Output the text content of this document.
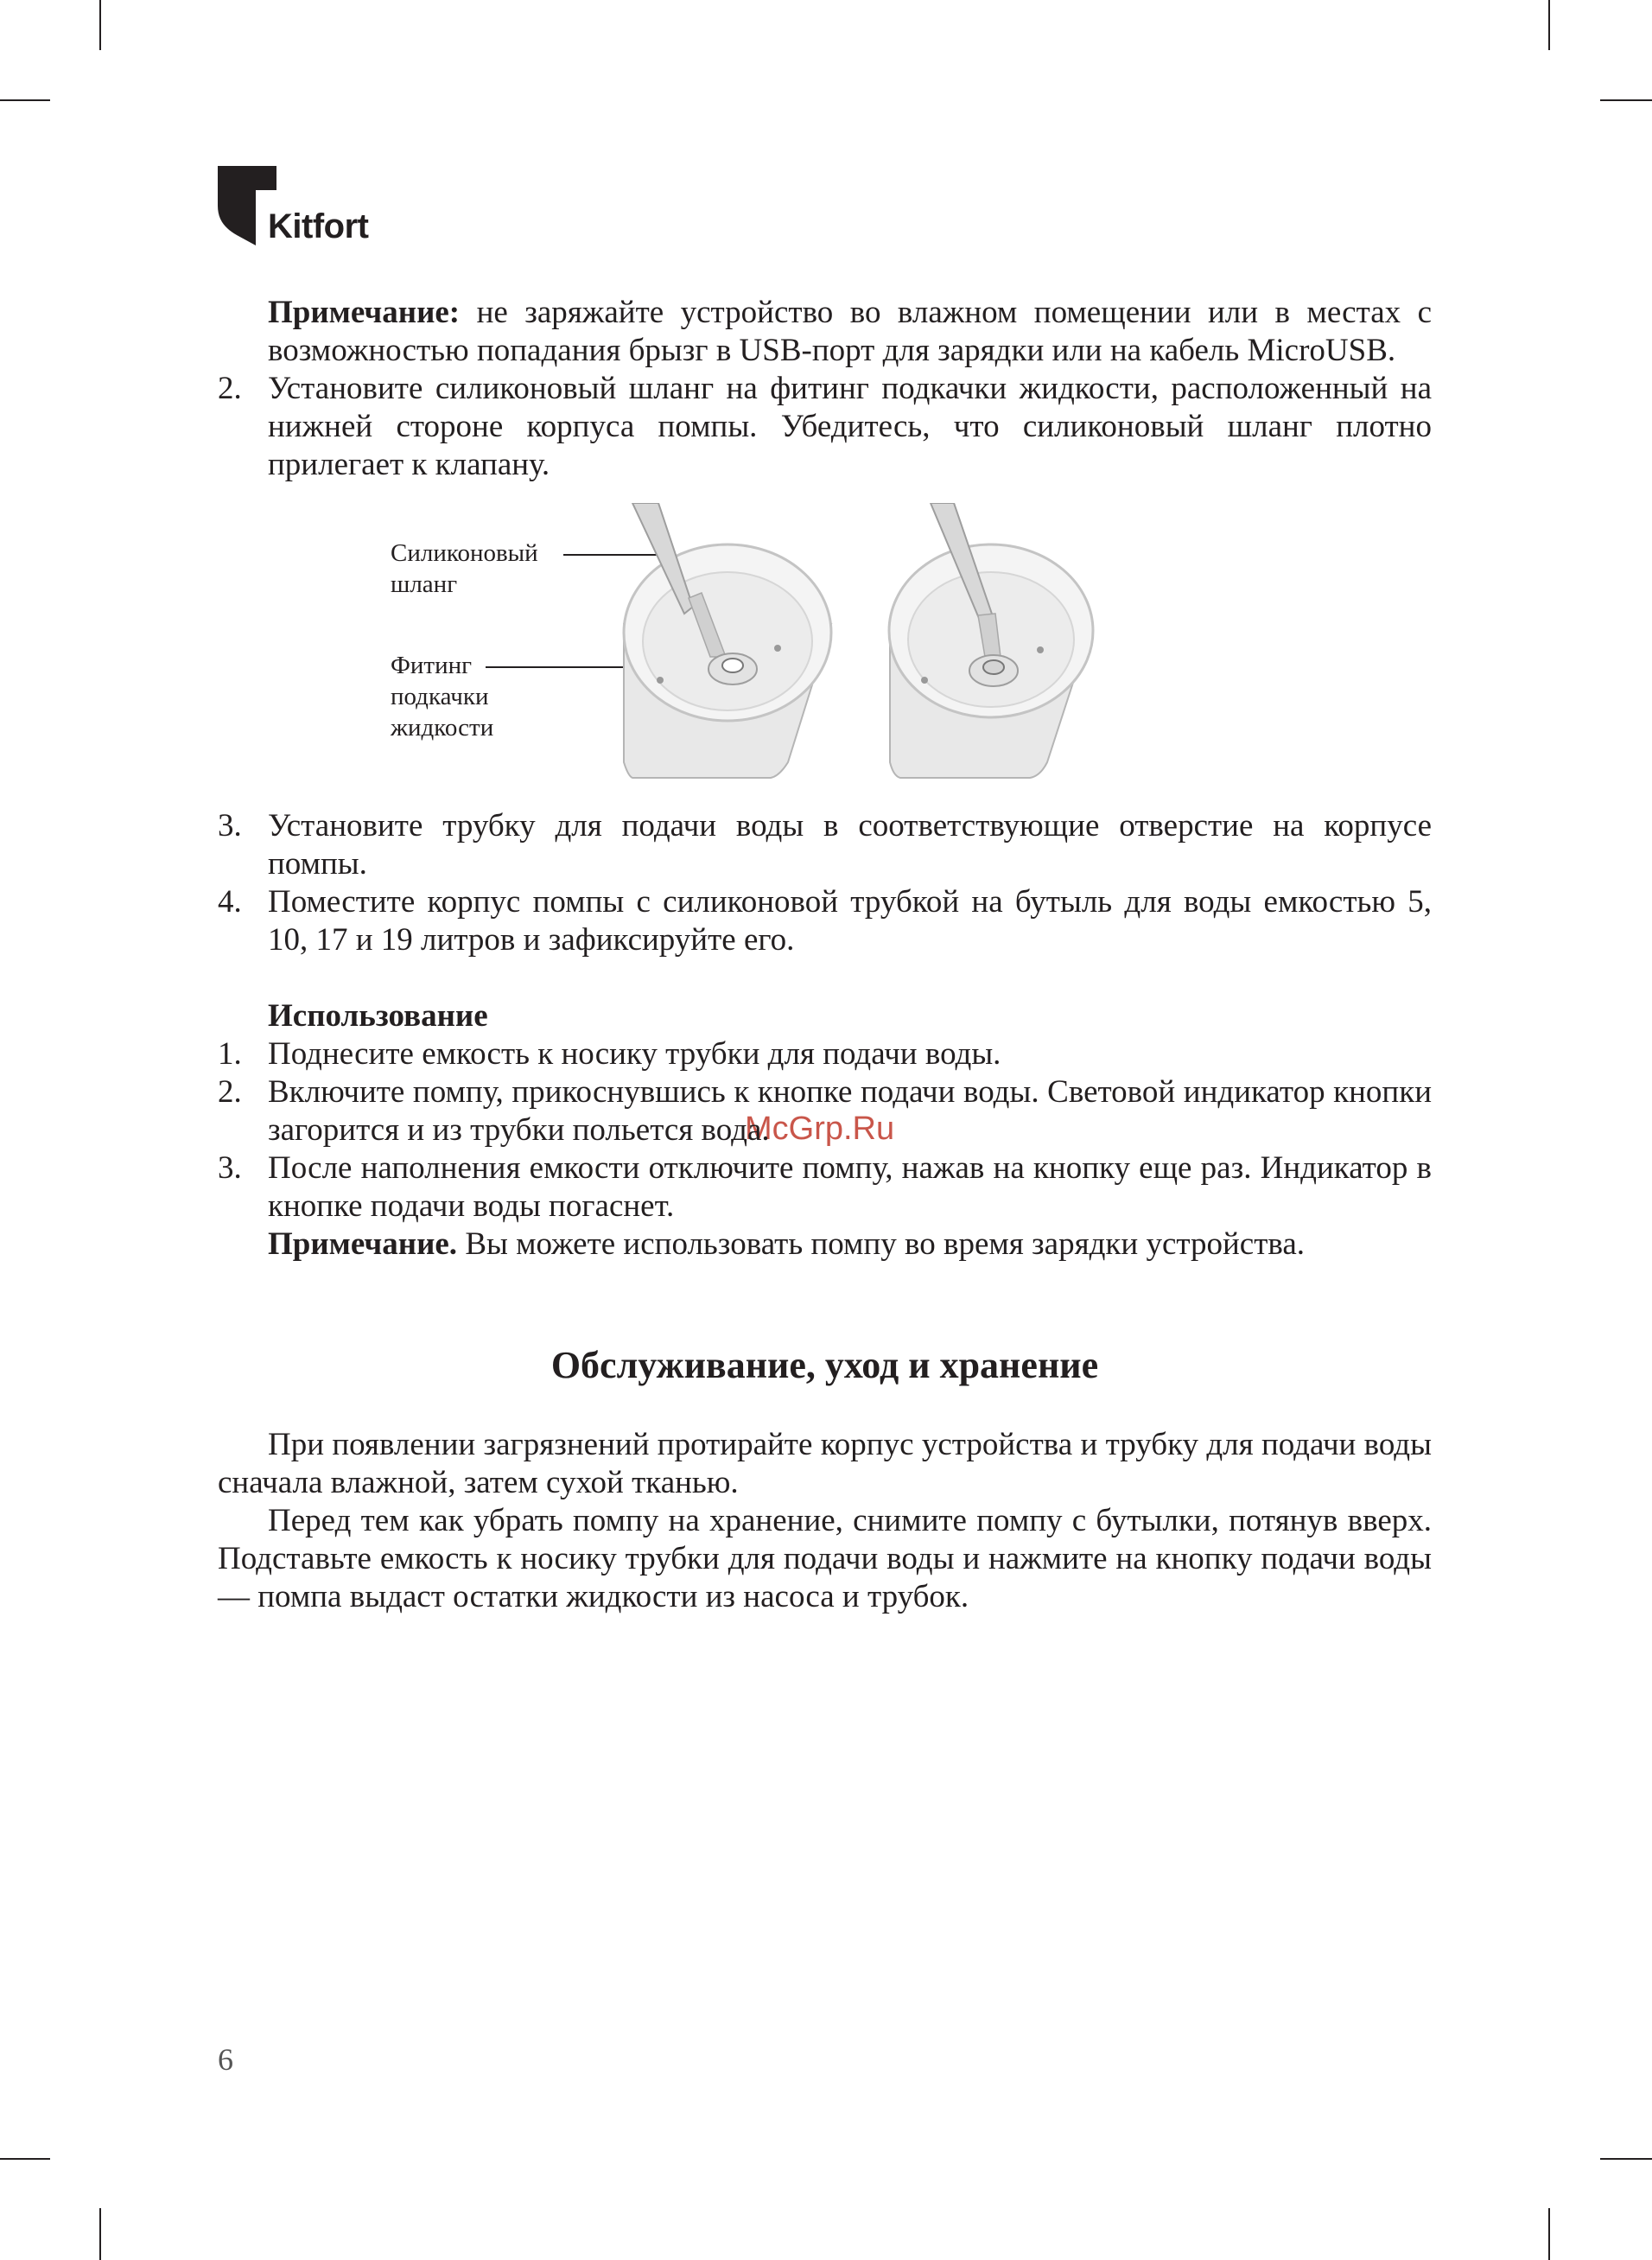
Kitfort
McGrp.Ru

Примечание: не заряжайте устройство во влажном помещении или в местах с возможностью попадания брызг в USB-порт для зарядки или на кабель MicroUSB.

2. Установите силиконовый шланг на фитинг подкачки жидкости, расположенный на нижней стороне корпуса помпы. Убедитесь, что силиконовый шланг плотно прилегает к клапану.
Силиконовый
шланг
Фитинг
подкачки
жидкости
3. Установите трубку для подачи воды в соответствующие отверстие на корпусе помпы.
4. Поместите корпус помпы с силиконовой трубкой на бутыль для воды емкостью 5, 10, 17 и 19 литров и зафиксируйте его.

Использование

1. Поднесите емкость к носику трубки для подачи воды.
2. Включите помпу, прикоснувшись к кнопке подачи воды. Световой индикатор кнопки загорится и из трубки польется вода.
3. После наполнения емкости отключите помпу, нажав на кнопку еще раз. Индикатор в кнопке подачи воды погаснет.

Примечание. Вы можете использовать помпу во время зарядки устройства.

Обслуживание, уход и хранение

При появлении загрязнений протирайте корпус устройства и трубку для подачи воды сначала влажной, затем сухой тканью.

Перед тем как убрать помпу на хранение, снимите помпу с бутылки, потянув вверх. Подставьте емкость к носику трубки для подачи воды и нажмите на кнопку подачи воды — помпа выдаст остатки жидкости из насоса и трубок.

6
